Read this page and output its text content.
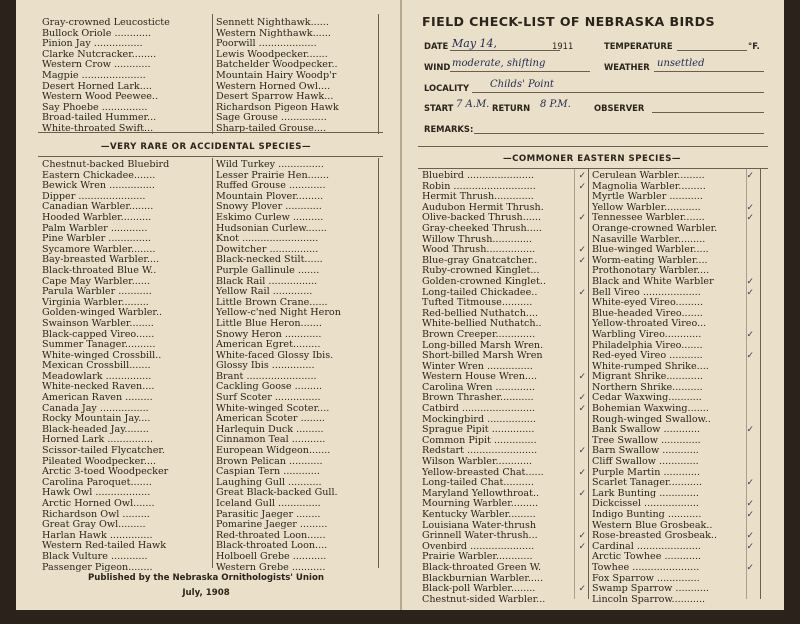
Gray-crowned Leucosticte
Bullock Oriole ............
Pinion Jay ................
Clarke Nutcracker........
Western Crow ............
Magpie .....................
Desert Horned Lark....
Western Wood Peewee..
Say Phoebe ...............
Broad-tailed Hummer...
White-throated Swift...
Sennett Nighthawk......
Western Nighthawk......
Poorwill ...................
Lewis Woodpecker.......
Batchelder Woodpecker..
Mountain Hairy Woodp'r
Western Horned Owl....
Desert Sparrow Hawk...
Richardson Pigeon Hawk
Sage Grouse ...............
Sharp-tailed Grouse....
—VERY RARE OR ACCIDENTAL SPECIES—
Chestnut-backed Bluebird
Eastern Chickadee.......
Bewick Wren ...............
Dipper ......................
Canadian Warbler........
Hooded Warbler..........
Palm Warbler ............
Pine Warbler ..............
Sycamore Warbler........
Bay-breasted Warbler....
Black-throated Blue W..
Cape May Warbler......
Parula Warbler ...........
Virginia Warbler.........
Golden-winged Warbler..
Swainson Warbler........
Black-capped Vireo......
Summer Tanager..........
White-winged Crossbill..
Mexican Crossbill.......
Meadowlark ...............
White-necked Raven....
American Raven .........
Canada Jay ................
Rocky Mountain Jay....
Black-headed Jay........
Horned Lark ...............
Scissor-tailed Flycatcher.
Pileated Woodpecker....
Arctic 3-toed Woodpecker
Carolina Paroquet.......
Hawk Owl ..................
Arctic Horned Owl.......
Richardson Owl .........
Great Gray Owl.........
Harlan Hawk ..............
Western Red-tailed Hawk
Black Vulture ............
Passenger Pigeon........
Wild Turkey ...............
Lesser Prairie Hen.......
Ruffed Grouse ............
Mountain Plover.........
Snowy Plover ............
Eskimo Curlew ..........
Hudsonian Curlew.......
Knot .........................
Dowitcher ................
Black-necked Stilt......
Purple Gallinule .......
Black Rail ................
Yellow Rail .............
Little Brown Crane......
Yellow-c'ned Night Heron
Little Blue Heron.......
Snowy Heron ............
American Egret.........
White-faced Glossy Ibis.
Glossy Ibis ..............
Brant .......................
Cackling Goose .........
Surf Scoter ...............
White-winged Scoter....
American Scoter ........
Harlequin Duck .........
Cinnamon Teal ...........
European Widgeon.......
Brown Pelican ...........
Caspian Tern ............
Laughing Gull ...........
Great Black-backed Gull.
Iceland Gull ..............
Parasitic Jaeger ........
Pomarine Jaeger .........
Red-throated Loon......
Black-throated Loon....
Holboell Grebe ...........
Western Grebe ...........
Published by the Nebraska Ornithologists' Union
July, 1908
FIELD CHECK-LIST OF NEBRASKA BIRDS
DATE May 14,	1911	TEMPERATURE	°F.
WIND moderate, shifting	WEATHER unsettled
LOCALITY Childs' Point
START 7 A.M. RETURN 8 P.M.	OBSERVER
REMARKS:
—COMMONER EASTERN SPECIES—
Bluebird ......................	✓
Robin ...........................	✓
Hermit Thrush.............
Audubon Hermit Thrush.
Olive-backed Thrush......	✓
Gray-cheeked Thrush.....
Willow Thrush.............
Wood Thrush................	✓
Blue-gray Gnatcatcher..	✓
Ruby-crowned Kinglet...
Golden-crowned Kinglet..
Long-tailed Chickadee..	✓
Tufted Titmouse..........
Red-bellied Nuthatch....
White-bellied Nuthatch..
Brown Creeper.............
Long-billed Marsh Wren.
Short-billed Marsh Wren
Winter Wren ...............
Western House Wren....	✓
Carolina Wren .............
Brown Thrasher...........	✓
Catbird ........................	✓
Mockingbird ................
Sprague Pipit ..............
Common Pipit ..............
Redstart .......................	✓
Wilson Warbler............
Yellow-breasted Chat......	✓
Long-tailed Chat..........
Maryland Yellowthroat..	✓
Mourning Warbler.........
Kentucky Warbler.........
Louisiana Water-thrush
Grinnell Water-thrush...	✓
Ovenbird .....................	✓
Prairie Warbler............
Black-throated Green W.
Blackburnian Warbler.....
Black-poll Warbler........	✓
Chestnut-sided Warbler...
Cerulean Warbler.........	✓
Magnolia Warbler.........
Myrtle Warbler ...........
Yellow Warbler............	✓
Tennessee Warbler.......	✓
Orange-crowned Warbler.
Nasaville Warbler.........
Blue-winged Warbler.....
Worm-eating Warbler....
Prothonotary Warbler....
Black and White Warbler	✓
Bell Vireo ...................	✓
White-eyed Vireo.........
Blue-headed Vireo.......
Yellow-throated Vireo...
Warbling Vireo............	✓
Philadelphia Vireo.......
Red-eyed Vireo ...........	✓
White-rumped Shrike....
Migrant Shrike............
Northern Shrike..........
Cedar Waxwing...........
Bohemian Waxwing.......
Rough-winged Swallow..
Bank Swallow ............	✓
Tree Swallow .............
Barn Swallow ............
Cliff Swallow .............
Purple Martin ............
Scarlet Tanager...........	✓
Lark Bunting .............
Dickcissel ..................	✓
Indigo Bunting ...........	✓
Western Blue Grosbeak..
Rose-breasted Grosbeak..	✓
Cardinal .....................	✓
Arctic Towhee ............
Towhee ......................	✓
Fox Sparrow ..............
Swamp Sparrow ...........
Lincoln Sparrow...........
